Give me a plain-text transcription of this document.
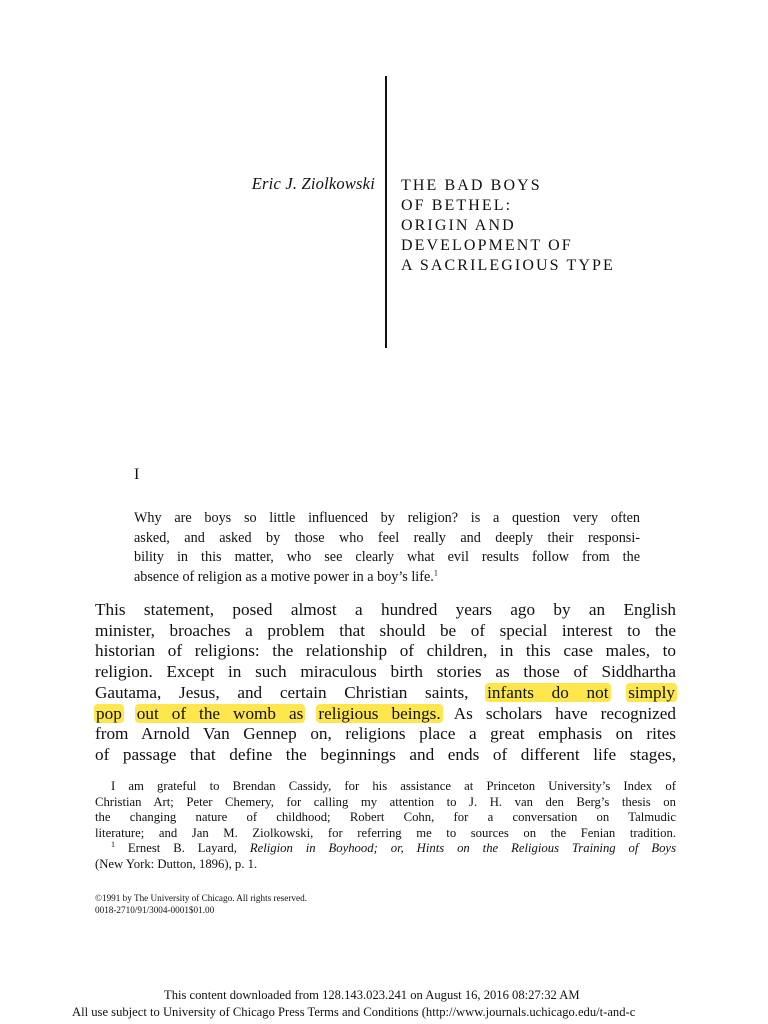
Eric J. Ziolkowski THE BAD BOYS
OF BETHEL:
ORIGIN AND
DEVELOPMENT OF
A SACRILEGIOUS TYPE
I
Why are boys so little influenced by religion? is a question very often
asked, and asked by those who feel really and deeply their responsi-
bility in this matter, who see clearly what evil results follow from the
absence of religion as a motive power in a boy’s life.$^1$
This statement, posed almost a hundred years ago by an English
minister, broaches a problem that should be of special interest to the
historian of religions: the relationship of children, in this case males, to
religion. Except in such miraculous birth stories as those of Siddhartha
Gautama, Jesus, and certain Christian saints, infants do not simply
pop out of the womb as religious beings. As scholars have recognized
from Arnold Van Gennep on, religions place a great emphasis on rites
of passage that define the beginnings and ends of different life stages,
I am grateful to Brendan Cassidy, for his assistance at Princeton University’s Index of
Christian Art; Peter Chemery, for calling my attention to J. H. van den Berg’s thesis on
the changing nature of childhood; Robert Cohn, for a conversation on Talmudic
literature; and Jan M. Ziolkowski, for referring me to sources on the Fenian tradition.
$^1$ Ernest B. Layard, Religion in Boyhood; or, Hints on the Religious Training of Boys
(New York: Dutton, 1896), p. 1.
©1991 by The University of Chicago. All rights reserved.
0018-2710/91/3004-0001$01.00
This content downloaded from 128.143.023.241 on August 16, 2016 08:27:32 AM
All use subject to University of Chicago Press Terms and Conditions (http://www.journals.uchicago.edu/t-and-c
